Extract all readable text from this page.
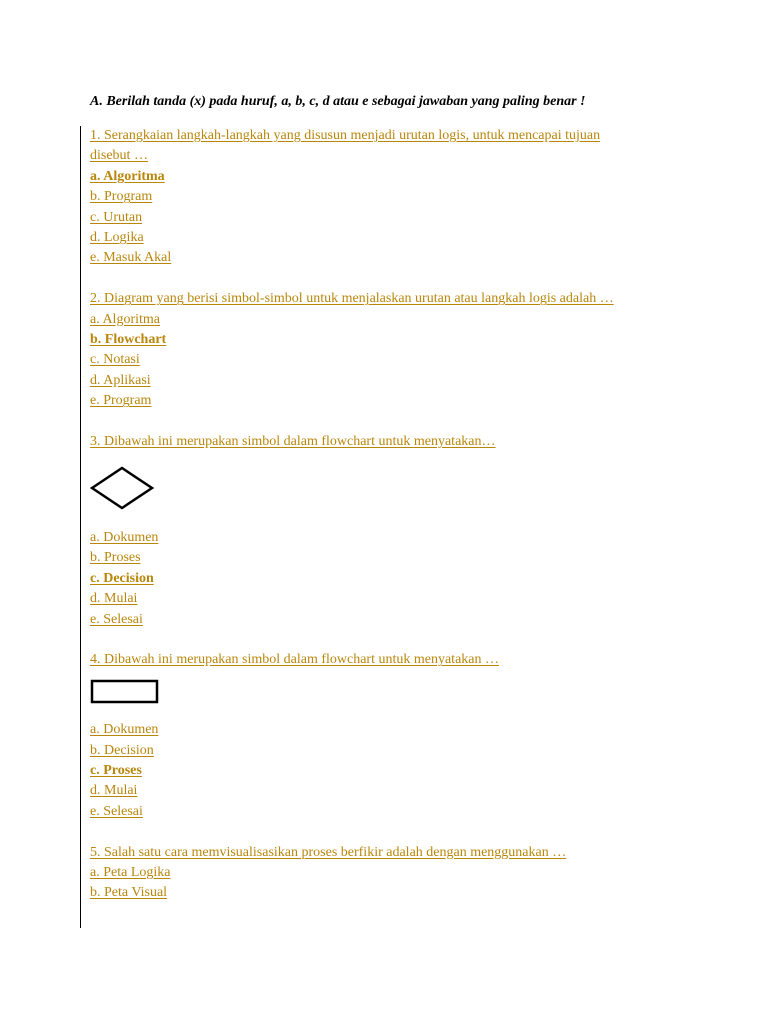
A. Berilah tanda (x) pada huruf, a, b, c, d atau e sebagai jawaban yang paling benar !
1. Serangkaian langkah-langkah yang disusun menjadi urutan logis, untuk mencapai tujuan
disebut …
a. Algoritma
b. Program
c. Urutan
d. Logika
e. Masuk Akal
2. Diagram yang berisi simbol-simbol untuk menjalaskan urutan atau langkah logis adalah …
a. Algoritma
b. Flowchart
c. Notasi
d. Aplikasi
e. Program
3. Dibawah ini merupakan simbol dalam flowchart untuk menyatakan…
a. Dokumen
b. Proses
c. Decision
d. Mulai
e. Selesai
4. Dibawah ini merupakan simbol dalam flowchart untuk menyatakan …
a. Dokumen
b. Decision
c. Proses
d. Mulai
e. Selesai
5. Salah satu cara memvisualisasikan proses berfikir adalah dengan menggunakan …
a. Peta Logika
b. Peta Visual
